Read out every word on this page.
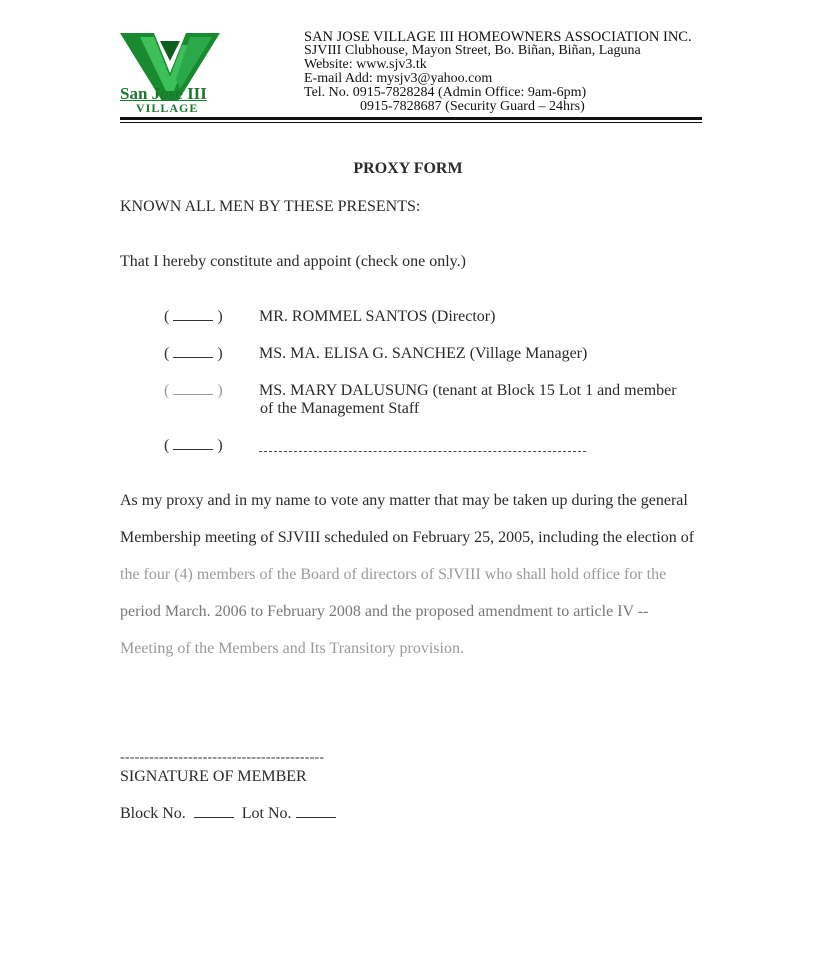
San Jose III
VILLAGE
SAN JOSE VILLAGE III HOMEOWNERS ASSOCIATION INC.
SJVIII Clubhouse, Mayon Street, Bo. Biñan, Biñan, Laguna
Website: www.sjv3.tk
E-mail Add: mysjv3@yahoo.com
Tel. No. 0915-7828284 (Admin Office: 9am-6pm)
0915-7828687 (Security Guard – 24hrs)
PROXY FORM
KNOWN ALL MEN BY THESE PRESENTS:
That I hereby constitute and appoint (check one only.)
(	) MR. ROMMEL SANTOS (Director)
(	) MS. MA. ELISA G. SANCHEZ (Village Manager)
(	) MS. MARY DALUSUNG (tenant at Block 15 Lot 1 and member
of the Management Staff
(	)
As my proxy and in my name to vote any matter that may be taken up during the general
Membership meeting of SJVIII scheduled on February 25, 2005, including the election of
the four (4) members of the Board of directors of SJVIII who shall hold office for the
period March. 2006 to February 2008 and the proposed amendment to article IV --
Meeting of the Members and Its Transitory provision.
------------------------------------------
SIGNATURE OF MEMBER
Block No.	Lot No.
